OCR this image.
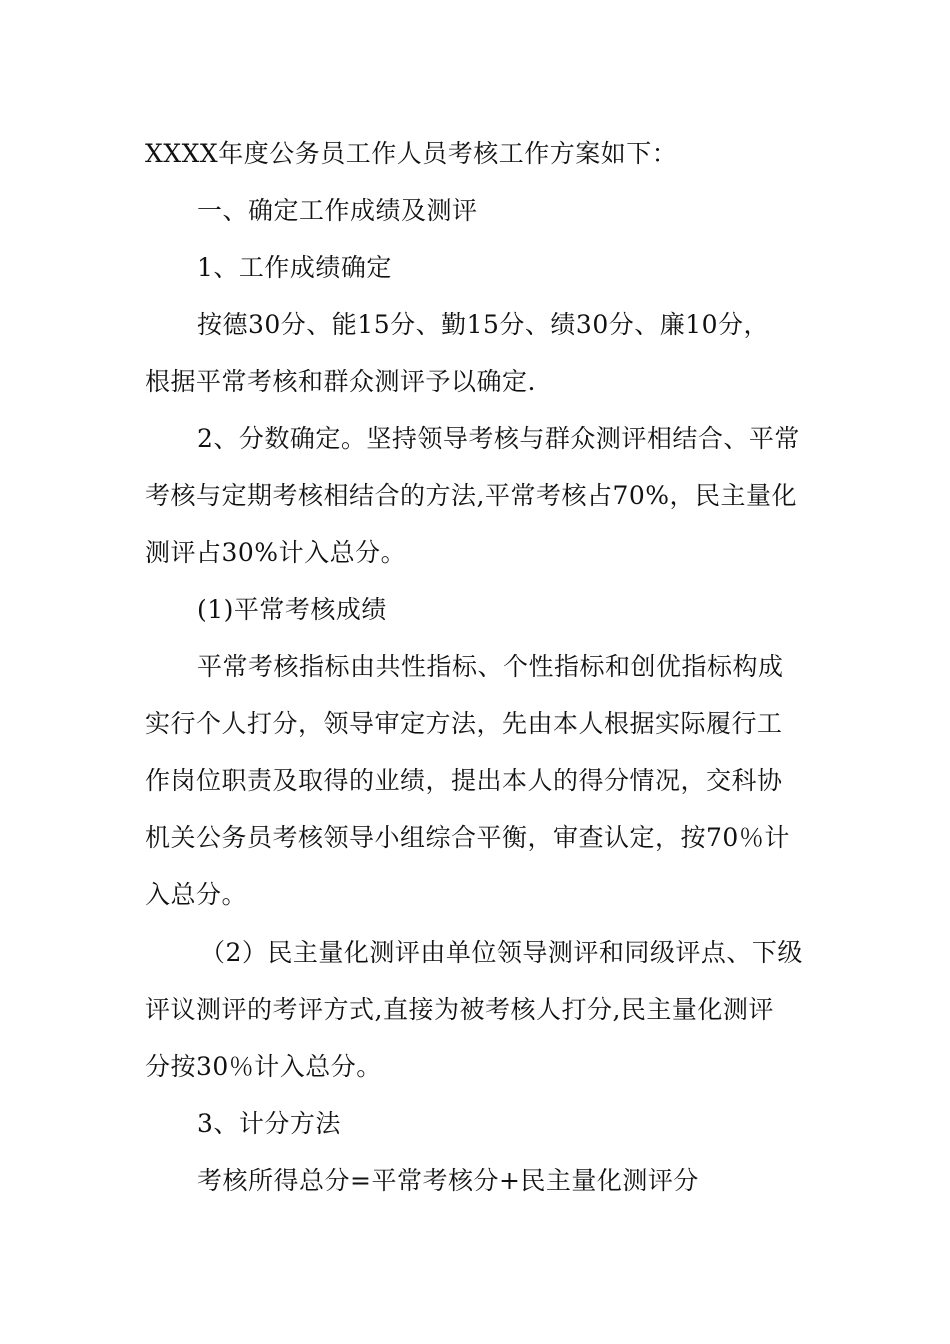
XXXX年度公务员工作人员考核工作方案如下：
一、确定工作成绩及测评
1、工作成绩确定
按德30分、能15分、勤15分、绩30分、廉10分，
根据平常考核和群众测评予以确定.
2、分数确定。坚持领导考核与群众测评相结合、平常
考核与定期考核相结合的方法,平常考核占70%，民主量化
测评占30%计入总分。
(1)平常考核成绩
平常考核指标由共性指标、个性指标和创优指标构成
实行个人打分，领导审定方法，先由本人根据实际履行工
作岗位职责及取得的业绩，提出本人的得分情况，交科协
机关公务员考核领导小组综合平衡，审查认定，按70％计
入总分。
（2）民主量化测评由单位领导测评和同级评点、下级
评议测评的考评方式,直接为被考核人打分,民主量化测评
分按30％计入总分。
3、计分方法
考核所得总分=平常考核分+民主量化测评分
